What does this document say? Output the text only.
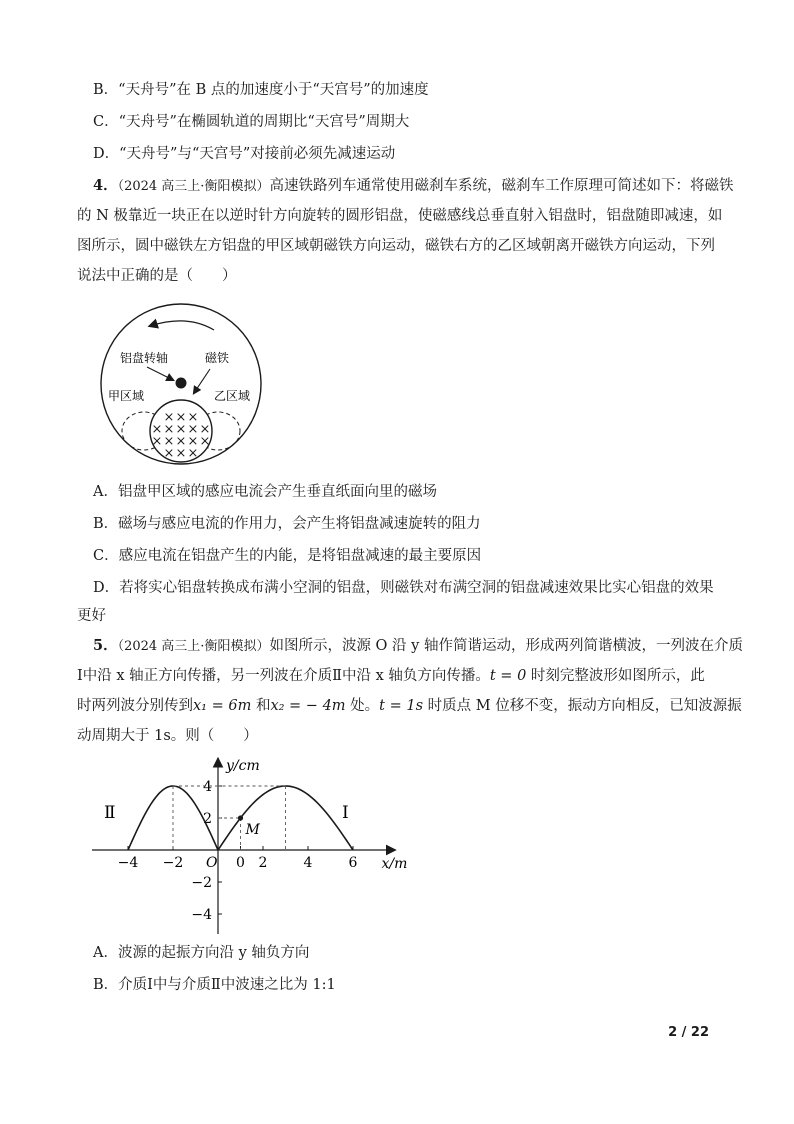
B．“天舟号”在 B 点的加速度小于“天宫号”的加速度
C．“天舟号”在椭圆轨道的周期比“天宫号”周期大
D．“天舟号”与“天宫号”对接前必须先减速运动
4．（2024 高三上·衡阳模拟）高速铁路列车通常使用磁刹车系统，磁刹车工作原理可简述如下：将磁铁
的 N 极靠近一块正在以逆时针方向旋转的圆形铝盘，使磁感线总垂直射入铝盘时，铝盘随即减速，如
图所示，圆中磁铁左方铝盘的甲区域朝磁铁方向运动，磁铁右方的乙区域朝离开磁铁方向运动，下列
说法中正确的是（　　）
铝盘转轴	磁铁
甲区域	乙区域
× × ×
× × ×
× × ×
× × ×
×
×
×
×
A．铝盘甲区域的感应电流会产生垂直纸面向里的磁场
B．磁场与感应电流的作用力，会产生将铝盘减速旋转的阻力
C．感应电流在铝盘产生的内能，是将铝盘减速的最主要原因
D．若将实心铝盘转换成布满小空洞的铝盘，则磁铁对布满空洞的铝盘减速效果比实心铝盘的效果
更好
5．（2024 高三上·衡阳模拟）如图所示，波源 O 沿 y 轴作简谐运动，形成两列简谐横波，一列波在介质
Ⅰ中沿 x 轴正方向传播，另一列波在介质Ⅱ中沿 x 轴负方向传播。t = 0 时刻完整波形如图所示，此
时两列波分别传到x₁ = 6m 和x₂ = − 4m 处。t = 1s 时质点 M 位移不变，振动方向相反，已知波源振
动周期大于 1s。则（　　）
x/m
y/cm
−4 −2 O	2	4	6
0
4
2
−2
−4
M
Ⅱ	Ⅰ
A．波源的起振方向沿 y 轴负方向
B．介质Ⅰ中与介质Ⅱ中波速之比为 1:1
2 / 22
